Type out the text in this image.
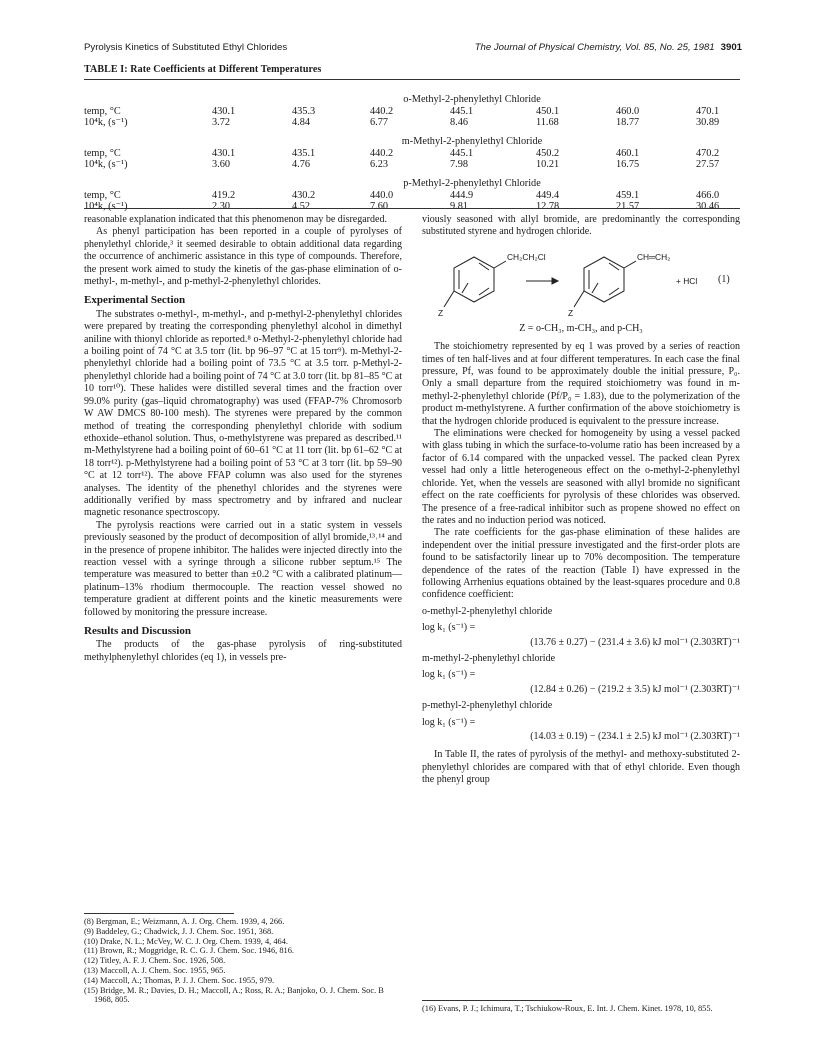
Pyrolysis Kinetics of Substituted Ethyl Chlorides	The Journal of Physical Chemistry, Vol. 85, No. 25, 1981 3901
TABLE I: Rate Coefficients at Different Temperatures
o-Methyl-2-phenylethyl Chloride
temp, °C	430.1	435.3	440.2	445.1	450.1	460.0	470.1
10⁴k, (s⁻¹)	3.72	4.84	6.77	8.46	11.68	18.77	30.89
m-Methyl-2-phenylethyl Chloride
temp, °C	430.1	435.1	440.2	445.1	450.2	460.1	470.2
10⁴k, (s⁻¹)	3.60	4.76	6.23	7.98	10.21	16.75	27.57
p-Methyl-2-phenylethyl Chloride
temp, °C	419.2	430.2	440.0	444.9	449.4	459.1	466.0
10⁴k, (s⁻¹)	2.30	4.52	7.60	9.81	12.78	21.57	30.46

reasonable explanation indicated that this phenomenon may be disregarded.

As phenyl participation has been reported in a couple of pyrolyses of phenylethyl chloride,³ it seemed desirable to obtain additional data regarding the occurrence of anchimeric assistance in this type of compounds. Therefore, the present work aimed to study the kinetis of the gas-phase elimination of o-methyl-, m-methyl-, and p-methyl-2-phenylethyl chlorides.

Experimental Section

The substrates o-methyl-, m-methyl-, and p-methyl-2-phenylethyl chlorides were prepared by treating the corresponding phenylethyl alcohol in dimethyl aniline with thionyl chloride as reported.⁸ o-Methyl-2-phenylethyl chloride had a boiling point of 74 °C at 3.5 torr (lit. bp 96–97 °C at 15 torr⁹). m-Methyl-2-phenylethyl chloride had a boiling point of 73.5 °C at 3.5 torr. p-Methyl-2-phenylethyl chloride had a boiling point of 74 °C at 3.0 torr (lit. bp 81–85 °C at 10 torr¹⁰). These halides were distilled several times and the fraction over 99.0% purity (gas–liquid chromatography) was used (FFAP-7% Chromosorb W AW DMCS 80-100 mesh). The styrenes were prepared by the common method of treating the corresponding phenylethyl chloride with sodium ethoxide–ethanol solution. Thus, o-methylstyrene was prepared as described.¹¹ m-Methylstyrene had a boiling point of 60–61 °C at 11 torr (lit. bp 61–62 °C at 18 torr¹²). p-Methylstyrene had a boiling point of 53 °C at 3 torr (lit. bp 59–90 °C at 12 torr¹²). The above FFAP column was also used for the styrenes analyses. The identity of the phenethyl chlorides and the styrenes were additionally verified by mass spectrometry and by infrared and nuclear magnetic resonance spectroscopy.

The pyrolysis reactions were carried out in a static system in vessels previously seasoned by the product of decomposition of allyl bromide,¹³˒¹⁴ and in the presence of propene inhibitor. The halides were injected directly into the reaction vessel with a syringe through a silicone rubber septum.¹⁵ The temperature was measured to better than ±0.2 °C with a calibrated platinum—platinum–13% rhodium thermocouple. The reaction vessel showed no temperature gradient at different points and the kinetic measurements were followed by monitoring the pressure increase.

Results and Discussion

The products of the gas-phase pyrolysis of ring-substituted methylphenylethyl chlorides (eq 1), in vessels pre-

(8) Bergman, E.; Weizmann, A. J. Org. Chem. 1939, 4, 266.
(9) Baddeley, G.; Chadwick, J. J. Chem. Soc. 1951, 368.
(10) Drake, N. L.; McVey, W. C. J. Org. Chem. 1939, 4, 464.
(11) Brown, R.; Moggridge, R. C. G. J. Chem. Soc. 1946, 816.
(12) Titley, A. F. J. Chem. Soc. 1926, 508.
(13) Maccoll, A. J. Chem. Soc. 1955, 965.
(14) Maccoll, A.; Thomas, P. J. J. Chem. Soc. 1955, 979.
(15) Bridge, M. R.; Davies, D. H.; Maccoll, A.; Ross, R. A.; Banjoko, O. J. Chem. Soc. B 1968, 805.

viously seasoned with allyl bromide, are predominantly the corresponding substituted styrene and hydrogen chloride.

CH₂CH₂Cl	CH═CH₂
+ HCl (1)
Z	Z
Z = o-CH₃, m-CH₃, and p-CH₃

The stoichiometry represented by eq 1 was proved by a series of reaction times of ten half-lives and at four different temperatures. In each case the final pressure, Pf, was found to be approximately double the initial pressure, P₀. Only a small departure from the required stoichiometry was found in m-methyl-2-phenylethyl chloride (Pf/P₀ = 1.83), due to the polymerization of the product m-methylstyrene. A further confirmation of the above stoichiometry is that the hydrogen chloride produced is equivalent to the pressure increase.

The eliminations were checked for homogeneity by using a vessel packed with glass tubing in which the surface-to-volume ratio has been increased by a factor of 6.14 compared with the unpacked vessel. The packed clean Pyrex vessel had only a little heterogeneous effect on the o-methyl-2-phenylethyl chloride. Yet, when the vessels are seasoned with allyl bromide no significant effect on the rate coefficients for pyrolysis of these chlorides was observed. The presence of a free-radical inhibitor such as propene showed no effect on the rates and no induction period was noticed.

The rate coefficients for the gas-phase elimination of these halides are independent over the initial pressure investigated and the first-order plots are found to be satisfactorily linear up to 70% decomposition. The temperature dependence of the rates of the reaction (Table I) have expressed in the following Arrhenius equations obtained by the least-squares procedure and 0.8 confidence coefficient:

o-methyl-2-phenylethyl chloride
log k₁ (s⁻¹) =
(13.76 ± 0.27) − (231.4 ± 3.6) kJ mol⁻¹ (2.303RT)⁻¹
m-methyl-2-phenylethyl chloride
log k₁ (s⁻¹) =
(12.84 ± 0.26) − (219.2 ± 3.5) kJ mol⁻¹ (2.303RT)⁻¹
p-methyl-2-phenylethyl chloride
log k₁ (s⁻¹) =
(14.03 ± 0.19) − (234.1 ± 2.5) kJ mol⁻¹ (2.303RT)⁻¹

In Table II, the rates of pyrolysis of the methyl- and methoxy-substituted 2-phenylethyl chlorides are compared with that of ethyl chloride. Even though the phenyl group

(16) Evans, P. J.; Ichimura, T.; Tschiukow-Roux, E. Int. J. Chem. Kinet. 1978, 10, 855.
